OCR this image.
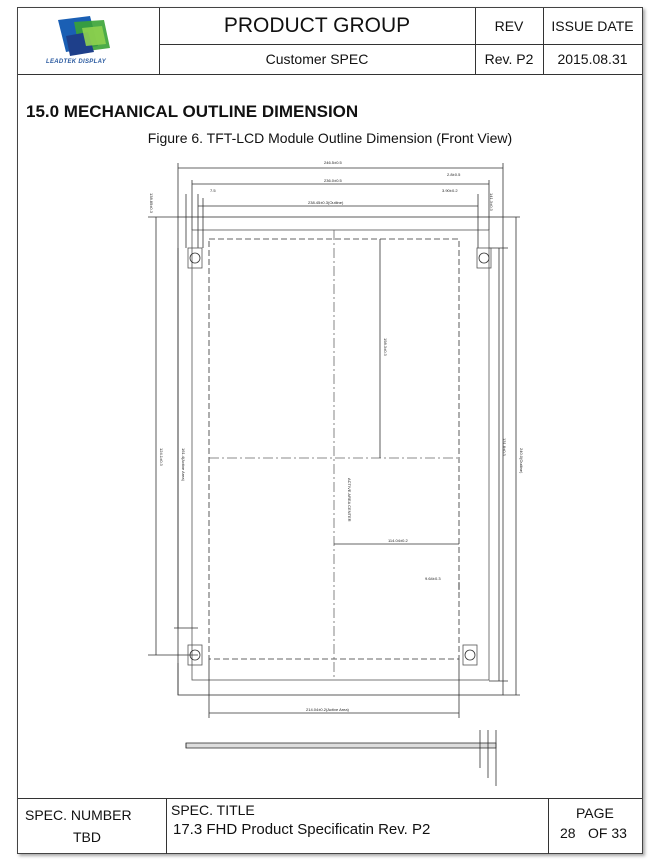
LEADTEK DISPLAY
PRODUCT GROUP
Customer SPEC
REV
Rev. P2
ISSUE DATE
2015.08.31
15.0 MECHANICAL OUTLINE DIMENSION
Figure 6. TFT-LCD Module Outline Dimension (Front View)
246.5±0.5
236.0±0.5
2.8±0.5
7.5	3.90±0.2
238.45±0.3(Outline)
214.04±0.2(Active Area)
114.04±0.2
9.64±0.3
198.3±0.3
161.4(Active Area)	240.0(Outline)
ACTIVE AREA CENTER
124.1±0.3
138.85±0.3
131.8±0.3
141.3±0.3
SPEC. NUMBER
TBD
SPEC. TITLE
17.3 FHD Product Specificatin Rev. P2
PAGE
28 OF 33
